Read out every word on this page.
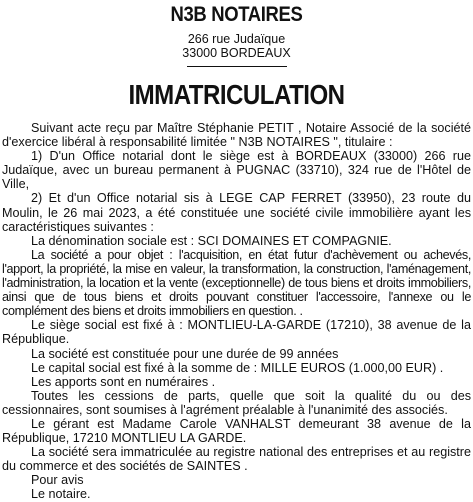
N3B NOTAIRES
266 rue Judaïque
33000 BORDEAUX
IMMATRICULATION

Suivant acte reçu par Maître Stéphanie PETIT , Notaire Associé de la société d'exercice libéral à responsabilité limitée " N3B NOTAIRES ", titulaire :

1) D'un Office notarial dont le siège est à BORDEAUX (33000) 266 rue Judaïque, avec un bureau permanent à PUGNAC (33710), 324 rue de l'Hôtel de Ville,

2) Et d'un Office notarial sis à LEGE CAP FERRET (33950), 23 route du Moulin, le 26 mai 2023, a été constituée une société civile immobilière ayant les caractéristiques suivantes :

La dénomination sociale est : SCI DOMAINES ET COMPAGNIE.

La société a pour objet : l'acquisition, en état futur d'achèvement ou achevés, l'apport, la propriété, la mise en valeur, la transformation, la construction, l'aménagement, l'administration, la location et la vente (exceptionnelle) de tous biens et droits immobiliers, ainsi que de tous biens et droits pouvant constituer l'accessoire, l'annexe ou le complément des biens et droits immobiliers en question. .

Le siège social est fixé à : MONTLIEU-LA-GARDE (17210), 38 avenue de la République.

La société est constituée pour une durée de 99 années

Le capital social est fixé à la somme de : MILLE EUROS (1.000,00 EUR) .

Les apports sont en numéraires .

Toutes les cessions de parts, quelle que soit la qualité du ou des cessionnaires, sont soumises à l'agrément préalable à l'unanimité des associés.

Le gérant est Madame Carole VANHALST demeurant 38 avenue de la République, 17210 MONTLIEU LA GARDE.

La société sera immatriculée au registre national des entreprises et au registre du commerce et des sociétés de SAINTES .

Pour avis

Le notaire.
